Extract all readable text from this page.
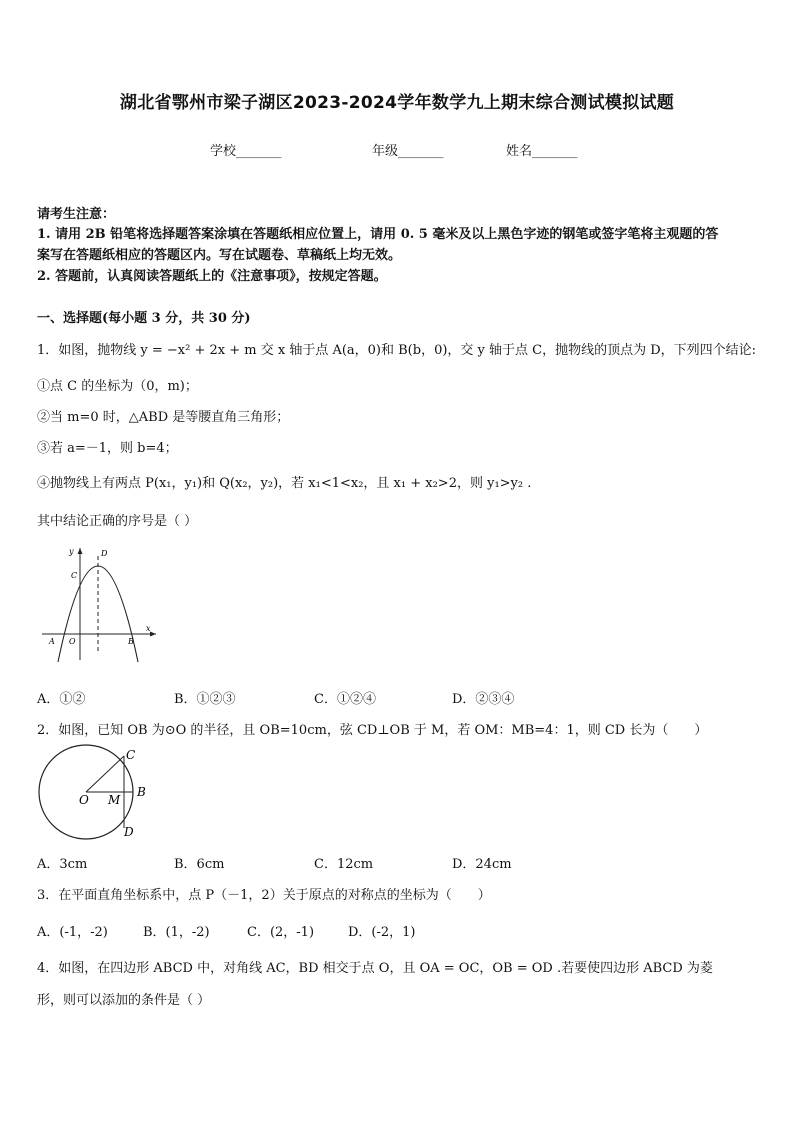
湖北省鄂州市梁子湖区2023-2024学年数学九上期末综合测试模拟试题
学校_______	年级_______	姓名_______
请考生注意：
1. 请用 2B 铅笔将选择题答案涂填在答题纸相应位置上，请用 0. 5 毫米及以上黑色字迹的钢笔或签字笔将主观题的答
案写在答题纸相应的答题区内。写在试题卷、草稿纸上均无效。
2. 答题前，认真阅读答题纸上的《注意事项》，按规定答题。
一、选择题(每小题 3 分，共 30 分)
1．如图，抛物线 y = −x² + 2x + m 交 x 轴于点 A(a，0)和 B(b，0)，交 y 轴于点 C，抛物线的顶点为 D，下列四个结论:
①点 C 的坐标为（0，m)；
②当 m=0 时，△ABD 是等腰直角三角形；
③若 a=－1，则 b=4；
④抛物线上有两点 P(x₁，y₁)和 Q(x₂，y₂)，若 x₁<1<x₂，且 x₁ + x₂>2，则 y₁>y₂ .
其中结论正确的序号是（ ）
y
x
D
C
A O	B
A．①②	B．①②③	C．①②④	D．②③④
2．如图，已知 OB 为⊙O 的半径，且 OB=10cm，弦 CD⊥OB 于 M，若 OM：MB=4：1，则 CD 长为（　　）
C
O M
B
D
A．3cm	B．6cm	C．12cm	D．24cm
3．在平面直角坐标系中，点 P（－1，2）关于原点的对称点的坐标为（　　）
A．(-1，-2)	B．(1，-2)	C．(2，-1)	D．(-2，1)
4．如图，在四边形 ABCD 中，对角线 AC，BD 相交于点 O，且 OA = OC，OB = OD .若要使四边形 ABCD 为菱
形，则可以添加的条件是（ ）
